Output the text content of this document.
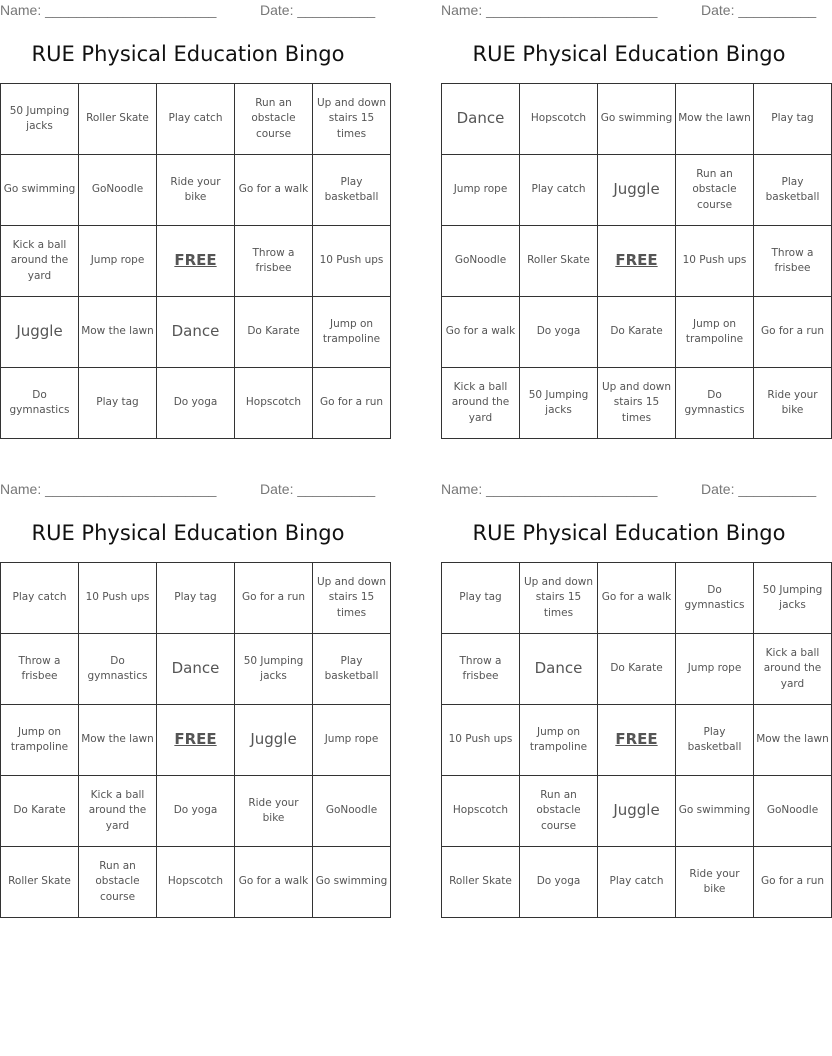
Name: ______________________	Date: __________
RUE Physical Education Bingo
50 Jumping jacks	Roller Skate	Play catch	Run an obstacle course	Up and down stairs 15 times
Go swimming	GoNoodle	Ride your bike	Go for a walk	Play basketball
Kick a ball around the yard	Jump rope	FREE	Throw a frisbee	10 Push ups
Juggle	Mow the lawn	Dance	Do Karate	Jump on trampoline
Do gymnastics	Play tag	Do yoga	Hopscotch	Go for a run
Name: ______________________	Date: __________
RUE Physical Education Bingo
Dance	Hopscotch	Go swimming	Mow the lawn	Play tag
Jump rope	Play catch	Juggle	Run an obstacle course	Play basketball
GoNoodle	Roller Skate	FREE	10 Push ups	Throw a frisbee
Go for a walk	Do yoga	Do Karate	Jump on trampoline	Go for a run
Kick a ball around the yard	50 Jumping jacks	Up and down stairs 15 times	Do gymnastics	Ride your bike
Name: ______________________	Date: __________
RUE Physical Education Bingo
Play catch	10 Push ups	Play tag	Go for a run	Up and down stairs 15 times
Throw a frisbee	Do gymnastics	Dance	50 Jumping jacks	Play basketball
Jump on trampoline	Mow the lawn	FREE	Juggle	Jump rope
Do Karate	Kick a ball around the yard	Do yoga	Ride your bike	GoNoodle
Roller Skate	Run an obstacle course	Hopscotch	Go for a walk	Go swimming
Name: ______________________	Date: __________
RUE Physical Education Bingo
Play tag	Up and down stairs 15 times	Go for a walk	Do gymnastics	50 Jumping jacks
Throw a frisbee	Dance	Do Karate	Jump rope	Kick a ball around the yard
10 Push ups	Jump on trampoline	FREE	Play basketball	Mow the lawn
Hopscotch	Run an obstacle course	Juggle	Go swimming	GoNoodle
Roller Skate	Do yoga	Play catch	Ride your bike	Go for a run
